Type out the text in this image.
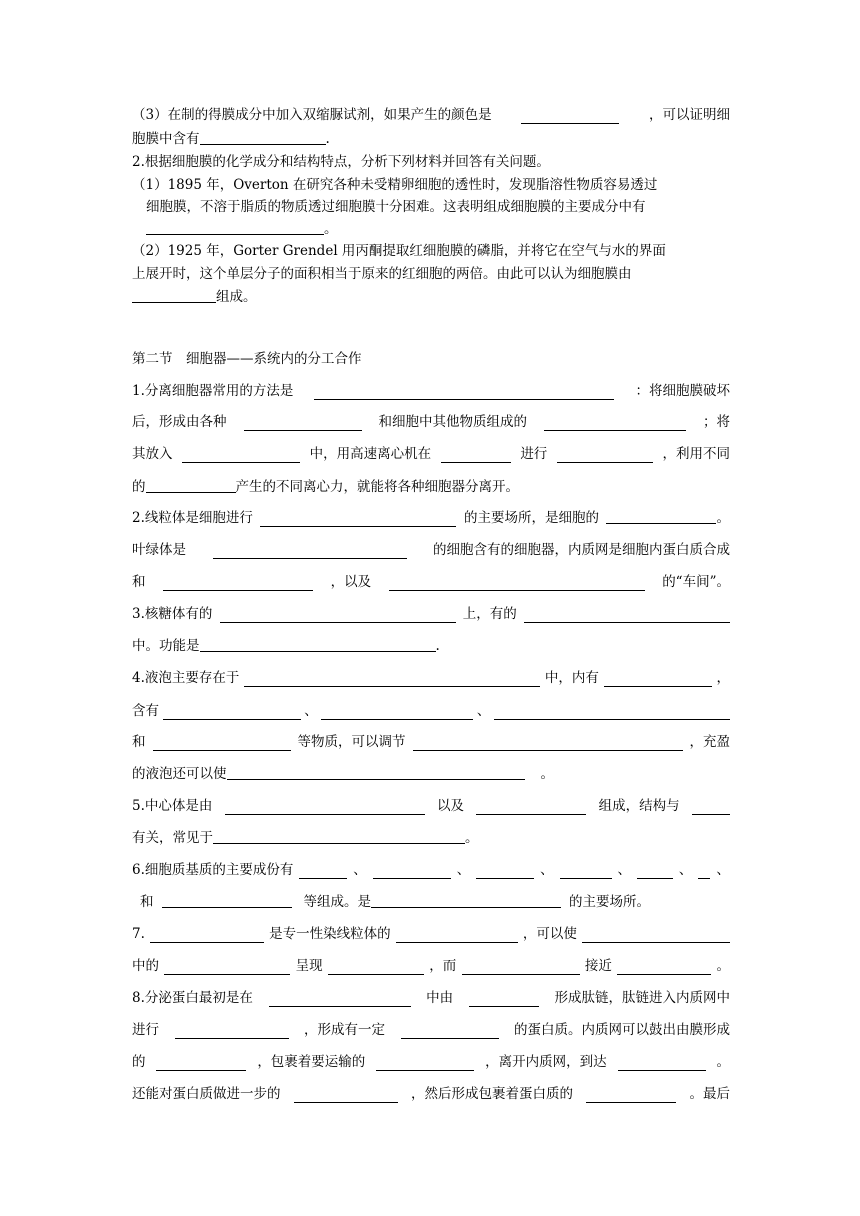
（3）在制的得膜成分中加入双缩脲试剂，如果产生的颜色是	，可以证明细
胞膜中含有	.
2.根据细胞膜的化学成分和结构特点，分析下列材料并回答有关问题。
（1）1895 年，Overton 在研究各种未受精卵细胞的透性时，发现脂溶性物质容易透过
细胞膜，不溶于脂质的物质透过细胞膜十分困难。这表明组成细胞膜的主要成分中有
。
（2）1925 年，Gorter Grendel 用丙酮提取红细胞膜的磷脂，并将它在空气与水的界面
上展开时，这个单层分子的面积相当于原来的红细胞的两倍。由此可以认为细胞膜由
组成。
第二节　细胞器——系统内的分工合作
1.分离细胞器常用的方法是	：将细胞膜破坏
后，形成由各种	和细胞中其他物质组成的	；将
其放入	中，用高速离心机在	进行	，利用不同
的	产生的不同离心力，就能将各种细胞器分离开。
2.线粒体是细胞进行	的主要场所，是细胞的	。
叶绿体是	的细胞含有的细胞器，内质网是细胞内蛋白质合成
和	，以及	的“车间”。
3.核糖体有的	上，有的
中。功能是	.
4.液泡主要存在于	中，内有	，
含有	、	、
和	等物质，可以调节	，充盈
的液泡还可以使	。
5.中心体是由	以及	组成，结构与
有关，常见于	。
6.细胞质基质的主要成份有	、	、	、	、	、 、
和	等组成。是	的主要场所。
7.	是专一性染线粒体的	，可以使
中的	呈现	，而	接近	。
8.分泌蛋白最初是在	中由	形成肽链，肽链进入内质网中
进行	，形成有一定	的蛋白质。内质网可以鼓出由膜形成
的	，包裹着要运输的	，离开内质网，到达	。
还能对蛋白质做进一步的	，然后形成包裹着蛋白质的	。最后
